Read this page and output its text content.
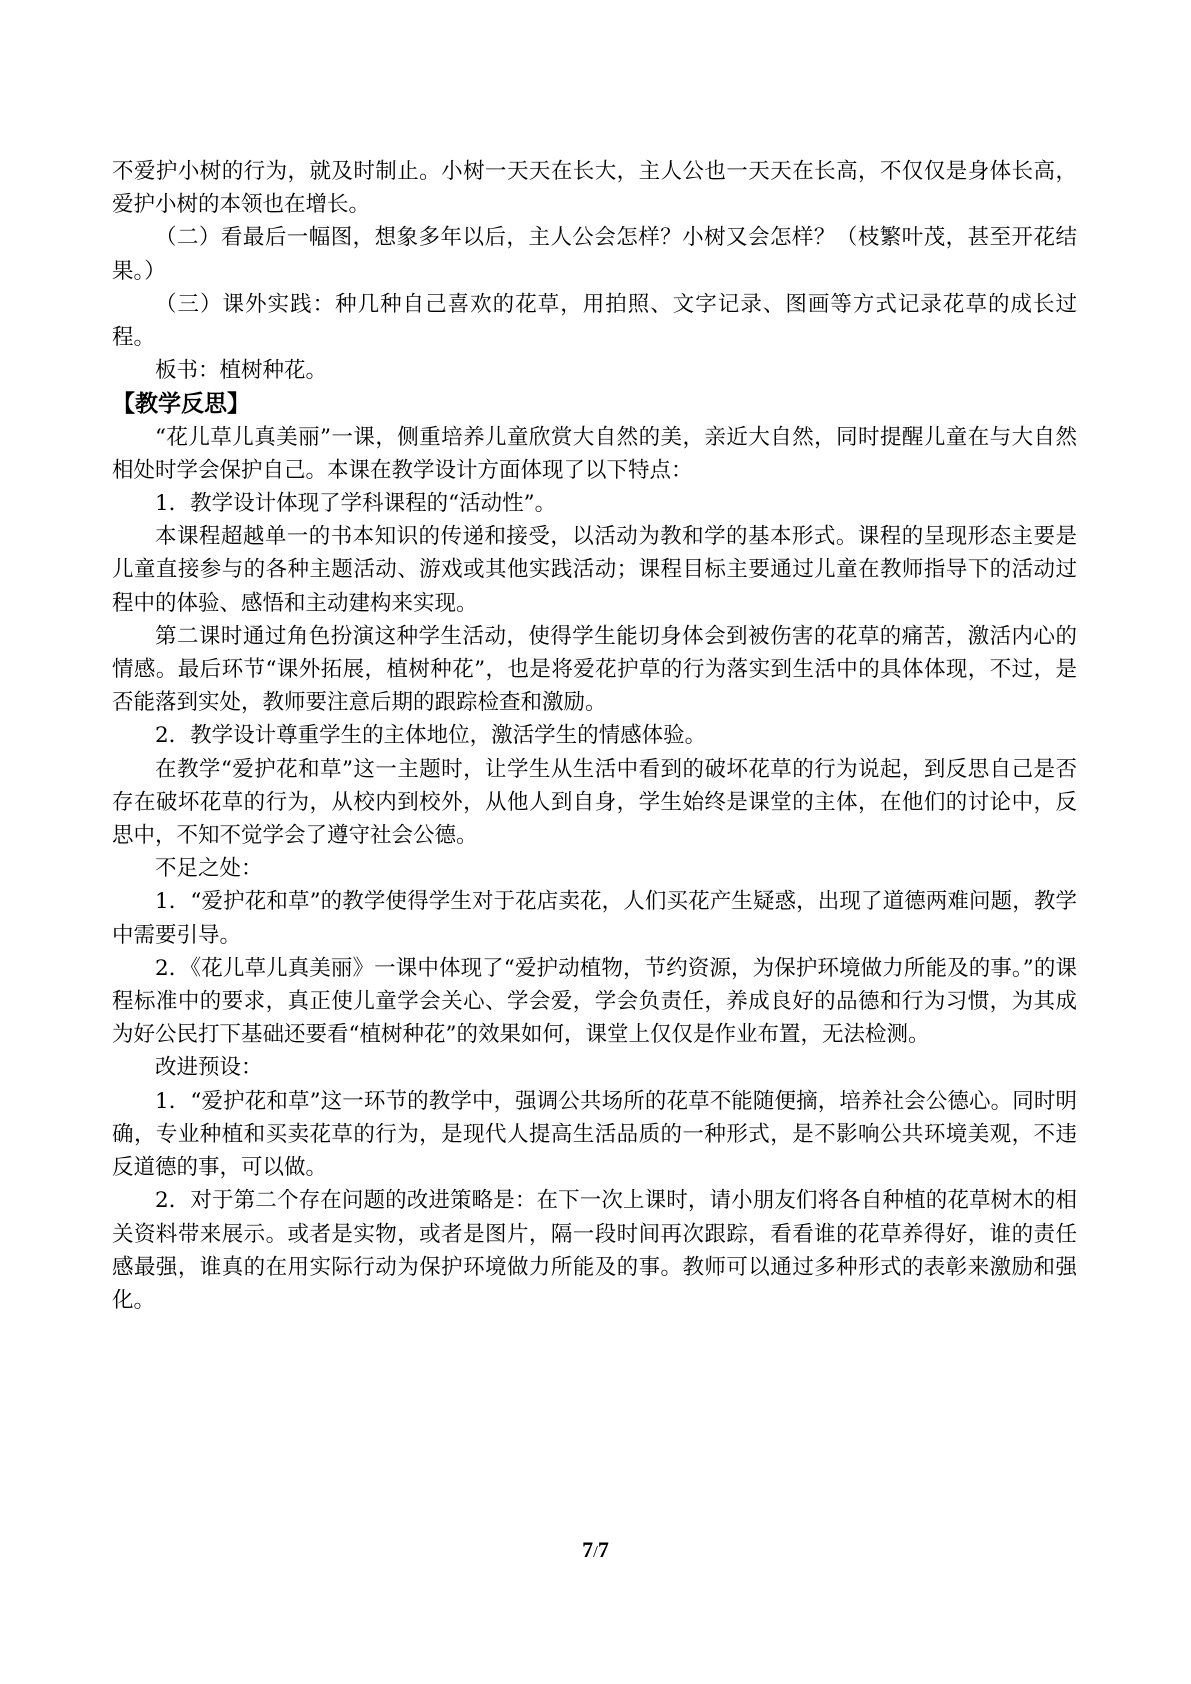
不爱护小树的行为，就及时制止。小树一天天在长大，主人公也一天天在长高，不仅仅是身体长高，爱护小树的本领也在增长。

（二）看最后一幅图，想象多年以后，主人公会怎样？小树又会怎样？（枝繁叶茂，甚至开花结果。）

（三）课外实践：种几种自己喜欢的花草，用拍照、文字记录、图画等方式记录花草的成长过程。

板书：植树种花。

【教学反思】

“花儿草儿真美丽”一课，侧重培养儿童欣赏大自然的美，亲近大自然，同时提醒儿童在与大自然相处时学会保护自己。本课在教学设计方面体现了以下特点：

1．教学设计体现了学科课程的“活动性”。

本课程超越单一的书本知识的传递和接受，以活动为教和学的基本形式。课程的呈现形态主要是儿童直接参与的各种主题活动、游戏或其他实践活动；课程目标主要通过儿童在教师指导下的活动过程中的体验、感悟和主动建构来实现。

第二课时通过角色扮演这种学生活动，使得学生能切身体会到被伤害的花草的痛苦，激活内心的情感。最后环节“课外拓展，植树种花”，也是将爱花护草的行为落实到生活中的具体体现，不过，是否能落到实处，教师要注意后期的跟踪检查和激励。

2．教学设计尊重学生的主体地位，激活学生的情感体验。

在教学“爱护花和草”这一主题时，让学生从生活中看到的破坏花草的行为说起，到反思自己是否存在破坏花草的行为，从校内到校外，从他人到自身，学生始终是课堂的主体，在他们的讨论中，反思中，不知不觉学会了遵守社会公德。

不足之处：

1．“爱护花和草”的教学使得学生对于花店卖花，人们买花产生疑惑，出现了道德两难问题，教学中需要引导。

2．《花儿草儿真美丽》一课中体现了“爱护动植物，节约资源，为保护环境做力所能及的事。”的课程标准中的要求，真正使儿童学会关心、学会爱，学会负责任，养成良好的品德和行为习惯，为其成为好公民打下基础还要看“植树种花”的效果如何，课堂上仅仅是作业布置，无法检测。

改进预设：

1．“爱护花和草”这一环节的教学中，强调公共场所的花草不能随便摘，培养社会公德心。同时明确，专业种植和买卖花草的行为，是现代人提高生活品质的一种形式，是不影响公共环境美观，不违反道德的事，可以做。

2．对于第二个存在问题的改进策略是：在下一次上课时，请小朋友们将各自种植的花草树木的相关资料带来展示。或者是实物，或者是图片，隔一段时间再次跟踪，看看谁的花草养得好，谁的责任感最强，谁真的在用实际行动为保护环境做力所能及的事。教师可以通过多种形式的表彰来激励和强化。

7/7
